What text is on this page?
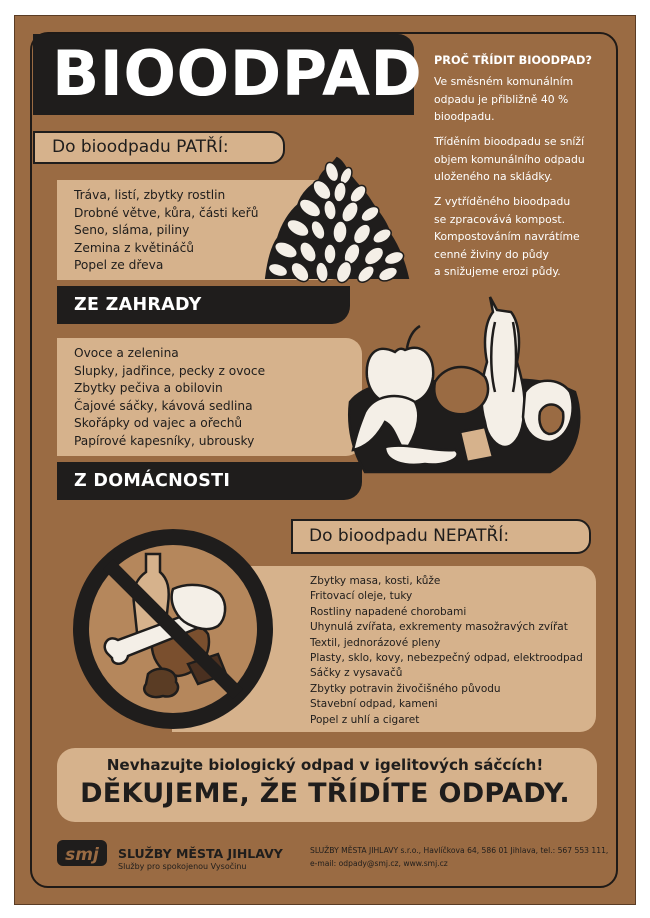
BIOODPAD PROČ TŘÍDIT BIOODPAD?
Ve směsném komunálním
odpadu je přibližně 40 %
bioodpadu.
Tříděním bioodpadu se sníží
objem komunálního odpadu
uloženého na skládky.
Z vytříděného bioodpadu
se zpracovává kompost.
Kompostováním navrátíme
cenné živiny do půdy
a snižujeme erozi půdy.
Do bioodpadu PATŘÍ:
Tráva, listí, zbytky rostlin
Drobné větve, kůra, části keřů
Seno, sláma, piliny
Zemina z květináčů
Popel ze dřeva
ZE ZAHRADY
Ovoce a zelenina
Slupky, jadřince, pecky z ovoce
Zbytky pečiva a obilovin
Čajové sáčky, kávová sedlina
Skořápky od vajec a ořechů
Papírové kapesníky, ubrousky
Z DOMÁCNOSTI
Do bioodpadu NEPATŘÍ:
Zbytky masa, kosti, kůže
Fritovací oleje, tuky
Rostliny napadené chorobami
Uhynulá zvířata, exkrementy masožravých zvířat
Textil, jednorázové pleny
Plasty, sklo, kovy, nebezpečný odpad, elektroodpad
Sáčky z vysavačů
Zbytky potravin živočišného původu
Stavební odpad, kameni
Popel z uhlí a cigaret
Nevhazujte biologický odpad v igelitových sáčcích!
DĚKUJEME, ŽE TŘÍDÍTE ODPADY.
smj SLUŽBY MĚSTA JIHLAVY
Služby pro spokojenou Vysočinu
SLUŽBY MĚSTA JIHLAVY s.r.o., Havlíčkova 64, 586 01 Jihlava, tel.: 567 553 111,
e-mail: odpady@smj.cz, www.smj.cz
